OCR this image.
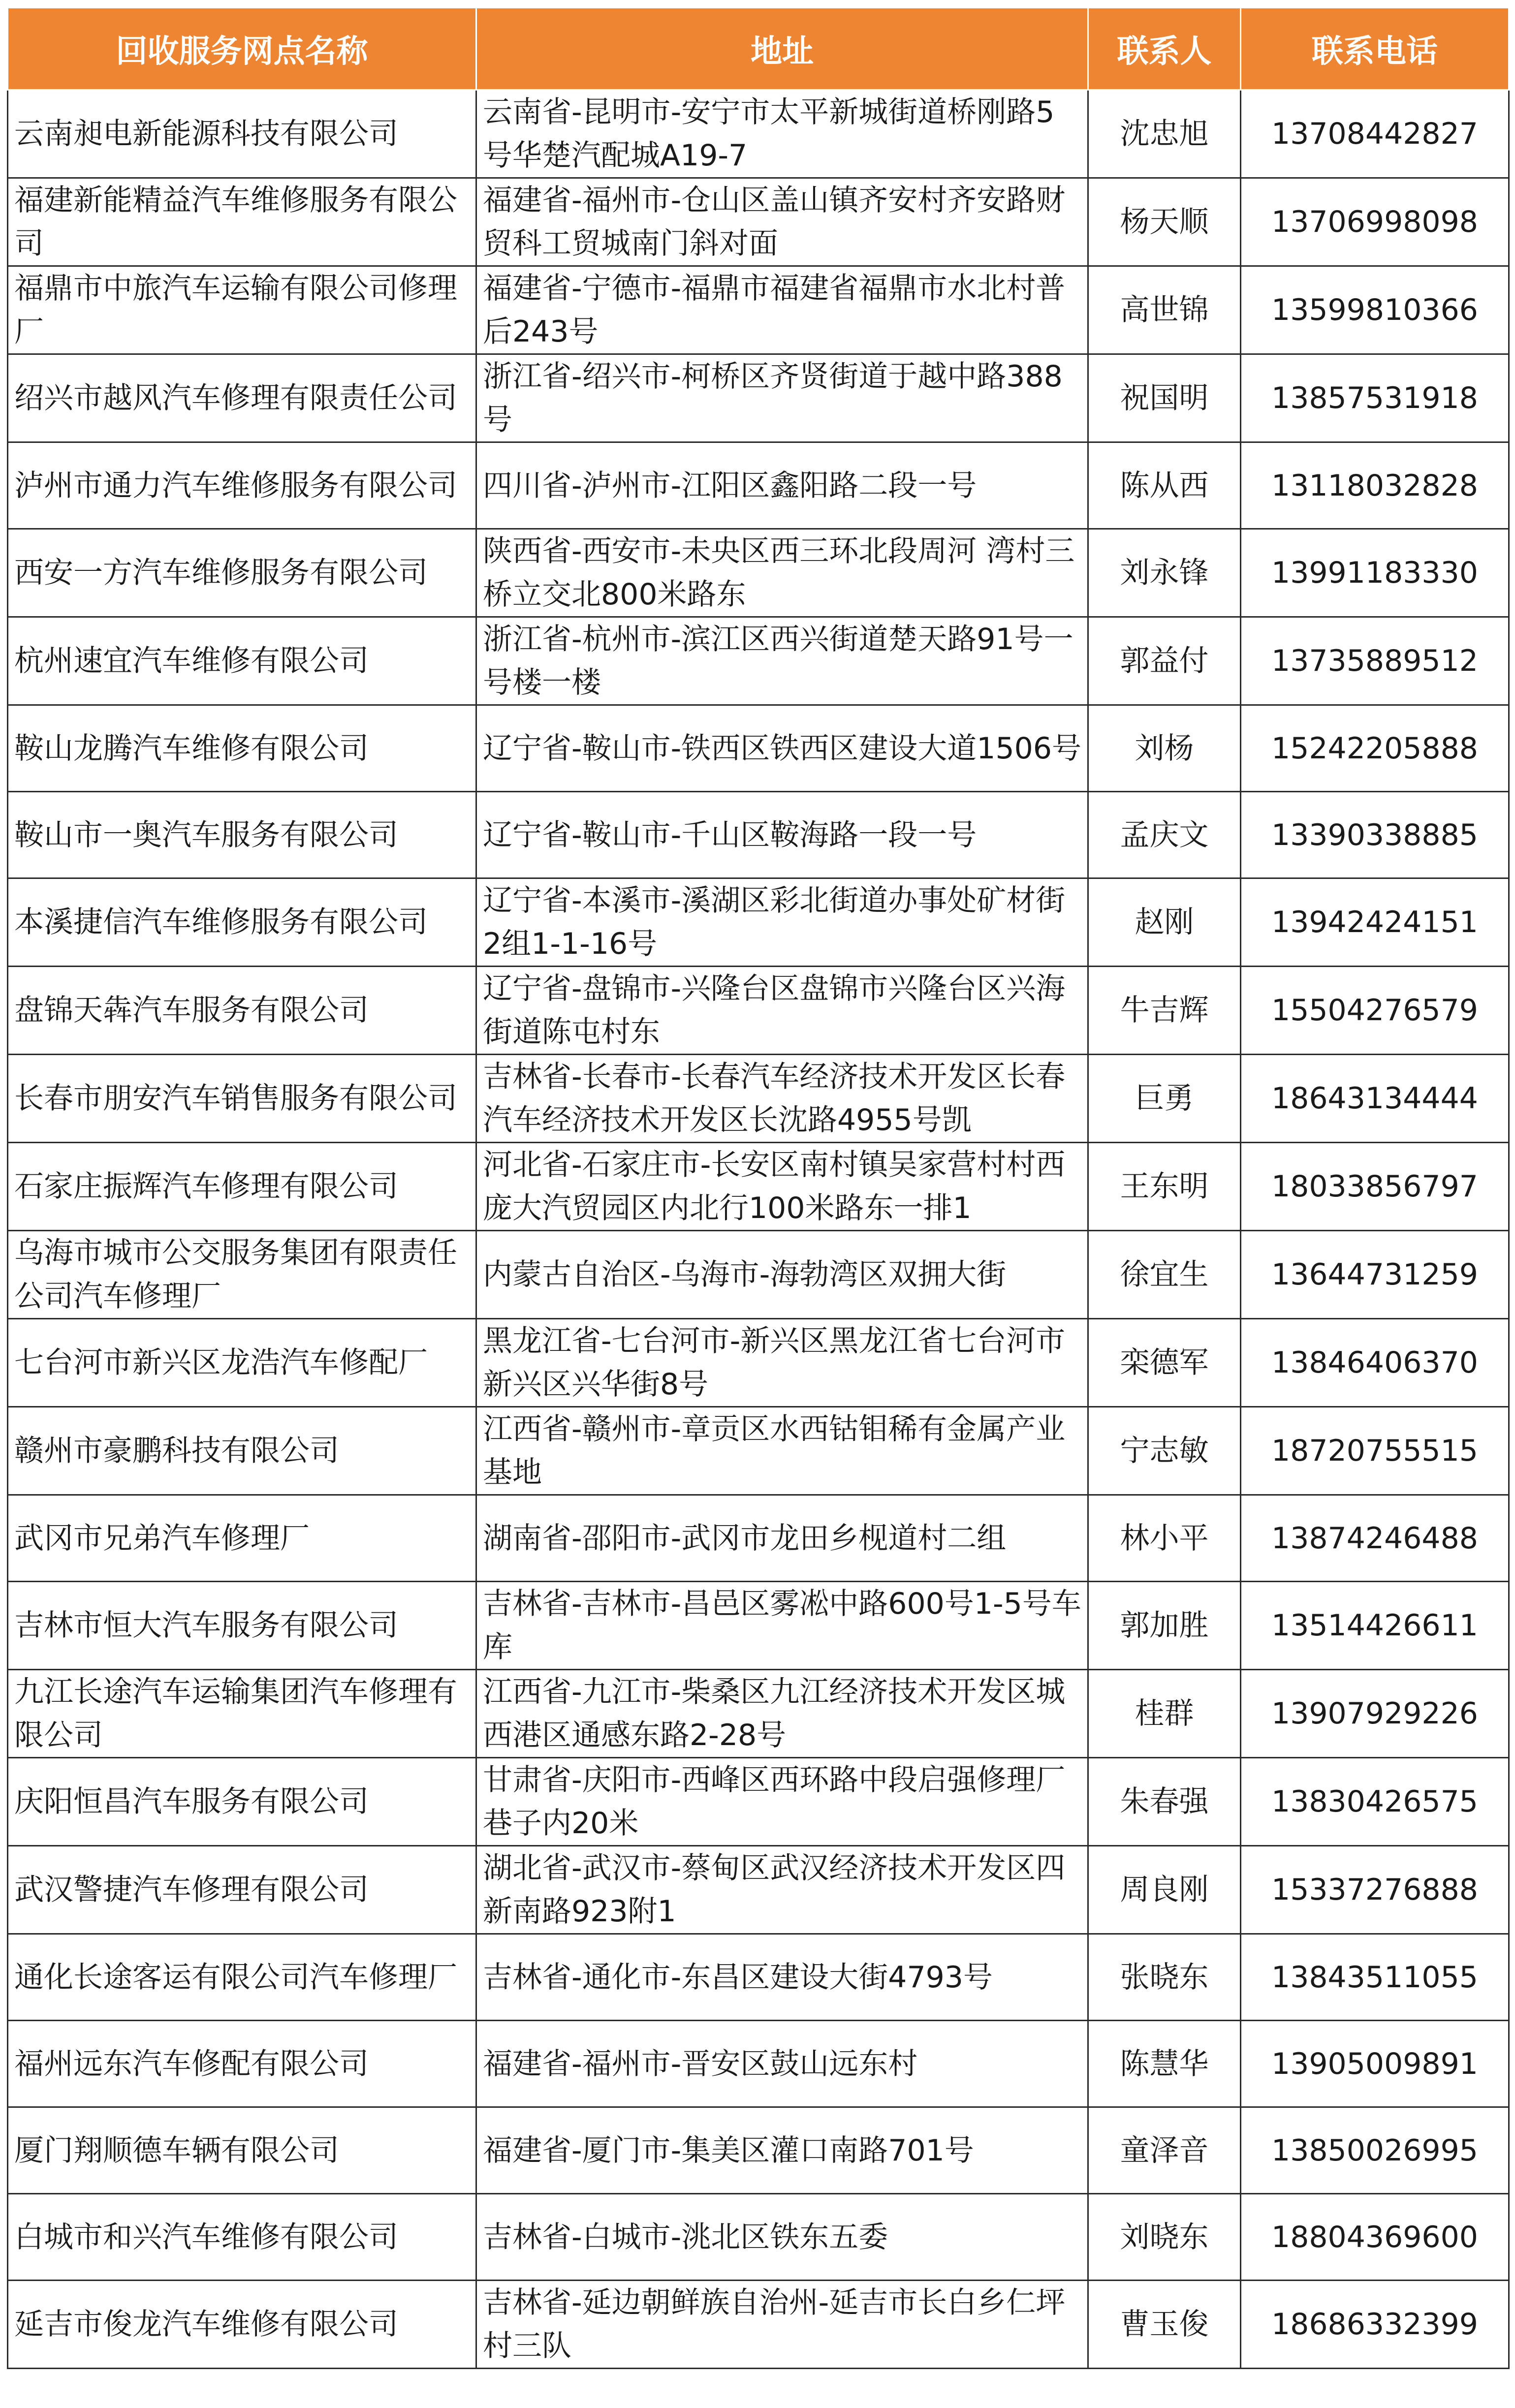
回收服务网点名称	地址	联系人	联系电话
云南昶电新能源科技有限公司	云南省-昆明市-安宁市太平新城街道桥刚路5号华楚汽配城A19-7	沈忠旭	13708442827
福建新能精益汽车维修服务有限公司	福建省-福州市-仓山区盖山镇齐安村齐安路财贸科工贸城南门斜对面	杨天顺	13706998098
福鼎市中旅汽车运输有限公司修理厂	福建省-宁德市-福鼎市福建省福鼎市水北村普后243号	高世锦	13599810366
绍兴市越风汽车修理有限责任公司	浙江省-绍兴市-柯桥区齐贤街道于越中路388号	祝国明	13857531918
泸州市通力汽车维修服务有限公司	四川省-泸州市-江阳区鑫阳路二段一号	陈从西	13118032828
西安一方汽车维修服务有限公司	陕西省-西安市-未央区西三环北段周河 湾村三桥立交北800米路东	刘永锋	13991183330
杭州速宜汽车维修有限公司	浙江省-杭州市-滨江区西兴街道楚天路91号一号楼一楼	郭益付	13735889512
鞍山龙腾汽车维修有限公司	辽宁省-鞍山市-铁西区铁西区建设大道1506号	刘杨	15242205888
鞍山市一奥汽车服务有限公司	辽宁省-鞍山市-千山区鞍海路一段一号	孟庆文	13390338885
本溪捷信汽车维修服务有限公司	辽宁省-本溪市-溪湖区彩北街道办事处矿材街2组1-1-16号	赵刚	13942424151
盘锦天犇汽车服务有限公司	辽宁省-盘锦市-兴隆台区盘锦市兴隆台区兴海街道陈屯村东	牛吉辉	15504276579
长春市朋安汽车销售服务有限公司	吉林省-长春市-长春汽车经济技术开发区长春汽车经济技术开发区长沈路4955号凯	巨勇	18643134444
石家庄振辉汽车修理有限公司	河北省-石家庄市-长安区南村镇吴家营村村西庞大汽贸园区内北行100米路东一排1	王东明	18033856797
乌海市城市公交服务集团有限责任公司汽车修理厂	内蒙古自治区-乌海市-海勃湾区双拥大街	徐宜生	13644731259
七台河市新兴区龙浩汽车修配厂	黑龙江省-七台河市-新兴区黑龙江省七台河市新兴区兴华街8号	栾德军	13846406370
赣州市豪鹏科技有限公司	江西省-赣州市-章贡区水西钴钼稀有金属产业基地	宁志敏	18720755515
武冈市兄弟汽车修理厂	湖南省-邵阳市-武冈市龙田乡枧道村二组	林小平	13874246488
吉林市恒大汽车服务有限公司	吉林省-吉林市-昌邑区雾凇中路600号1-5号车库	郭加胜	13514426611
九江长途汽车运输集团汽车修理有限公司	江西省-九江市-柴桑区九江经济技术开发区城西港区通感东路2-28号	桂群	13907929226
庆阳恒昌汽车服务有限公司	甘肃省-庆阳市-西峰区西环路中段启强修理厂巷子内20米	朱春强	13830426575
武汉警捷汽车修理有限公司	湖北省-武汉市-蔡甸区武汉经济技术开发区四新南路923附1	周良刚	15337276888
通化长途客运有限公司汽车修理厂	吉林省-通化市-东昌区建设大街4793号	张晓东	13843511055
福州远东汽车修配有限公司	福建省-福州市-晋安区鼓山远东村	陈慧华	13905009891
厦门翔顺德车辆有限公司	福建省-厦门市-集美区灌口南路701号	童泽音	13850026995
白城市和兴汽车维修有限公司	吉林省-白城市-洮北区铁东五委	刘晓东	18804369600
延吉市俊龙汽车维修有限公司	吉林省-延边朝鲜族自治州-延吉市长白乡仁坪村三队	曹玉俊	18686332399
